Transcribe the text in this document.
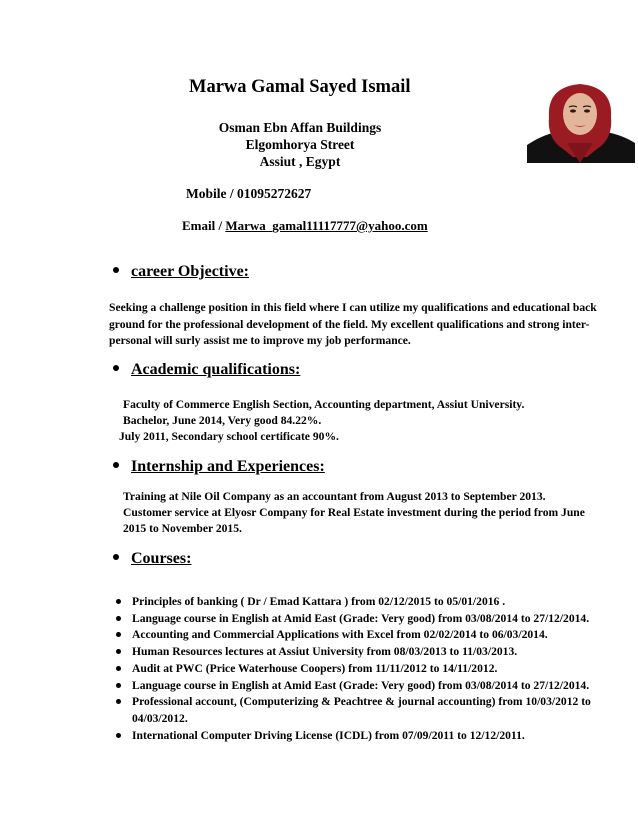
Marwa Gamal Sayed Ismail
Osman Ebn Affan Buildings
Elgomhorya Street
Assiut , Egypt
Mobile / 01095272627
Email / Marwa_gamal11117777@yahoo.com
career Objective:
Seeking a challenge position in this field where I can utilize my qualifications and educational back
ground for the professional development of the field. My excellent qualifications and strong inter-
personal will surly assist me to improve my job performance.
Academic qualifications:
Faculty of Commerce English Section, Accounting department, Assiut University.
Bachelor, June 2014, Very good 84.22%.
July 2011, Secondary school certificate 90%.
Internship and Experiences:
Training at Nile Oil Company as an accountant from August 2013 to September 2013.
Customer service at Elyosr Company for Real Estate investment during the period from June
2015 to November 2015.
Courses:
Principles of banking ( Dr / Emad Kattara ) from 02/12/2015 to 05/01/2016 .
Language course in English at Amid East (Grade: Very good) from 03/08/2014 to 27/12/2014.
Accounting and Commercial Applications with Excel from 02/02/2014 to 06/03/2014.
Human Resources lectures at Assiut University from 08/03/2013 to 11/03/2013.
Audit at PWC (Price Waterhouse Coopers) from 11/11/2012 to 14/11/2012.
Language course in English at Amid East (Grade: Very good) from 03/08/2014 to 27/12/2014.
Professional account, (Computerizing & Peachtree & journal accounting) from 10/03/2012 to 04/03/2012.
International Computer Driving License (ICDL) from 07/09/2011 to 12/12/2011.
